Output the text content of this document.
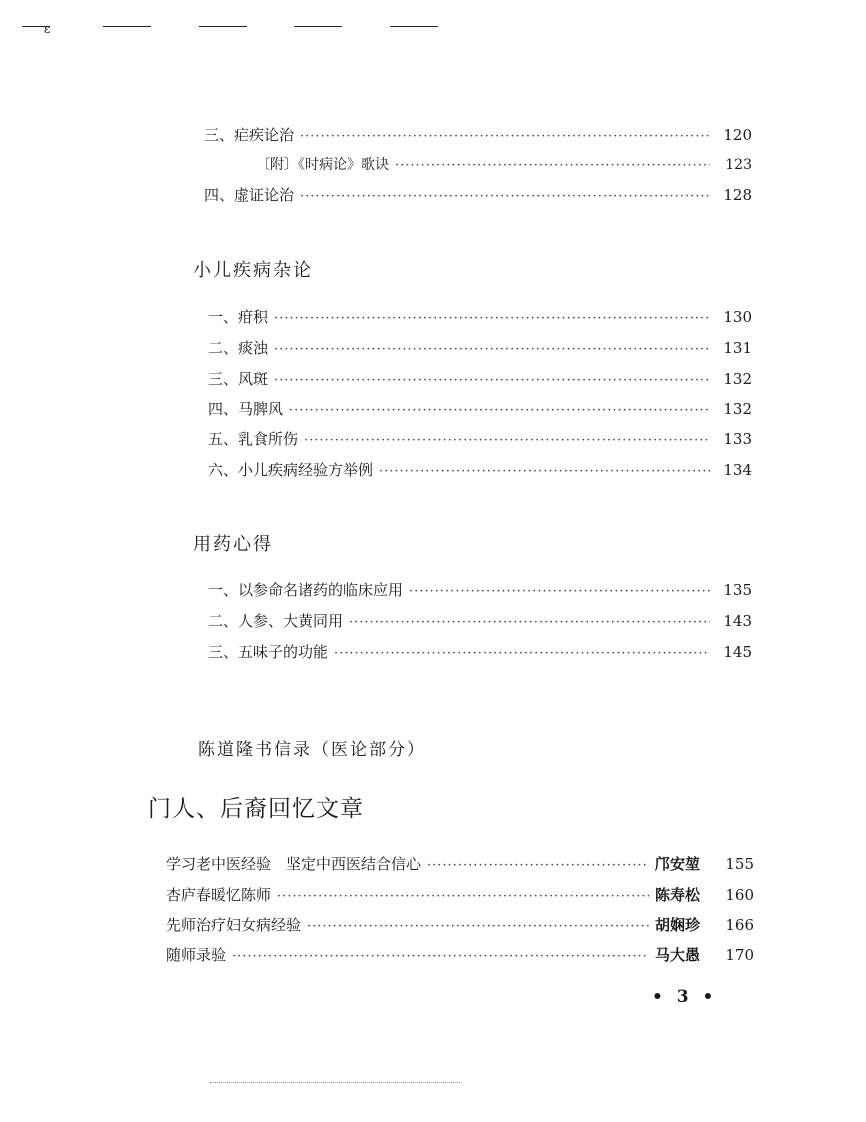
ε
三、疟疾论治 ·····	120
〔附〕《时病论》歌诀 ·····	123
四、虚证论治 ·····	128
小儿疾病杂论
一、疳积 ·····	130
二、痰浊 ·····	131
三、风斑 ·····	132
四、马脾风 ·····	132
五、乳食所伤 ·····	133
六、小儿疾病经验方举例 ·····	134
用药心得
一、以参命名诸药的临床应用 ·····	135
二、人参、大黄同用 ·····	143
三、五味子的功能 ·····	145
陈道隆书信录（医论部分）
门人、后裔回忆文章
学习老中医经验　坚定中西医结合信心 ·····	邝安堃	155
杏庐春暖忆陈师 ·····	陈寿松	160
先师治疗妇女病经验 ·····	胡娴珍	166
随师录验 ·····	马大愚	170
• 3 •
